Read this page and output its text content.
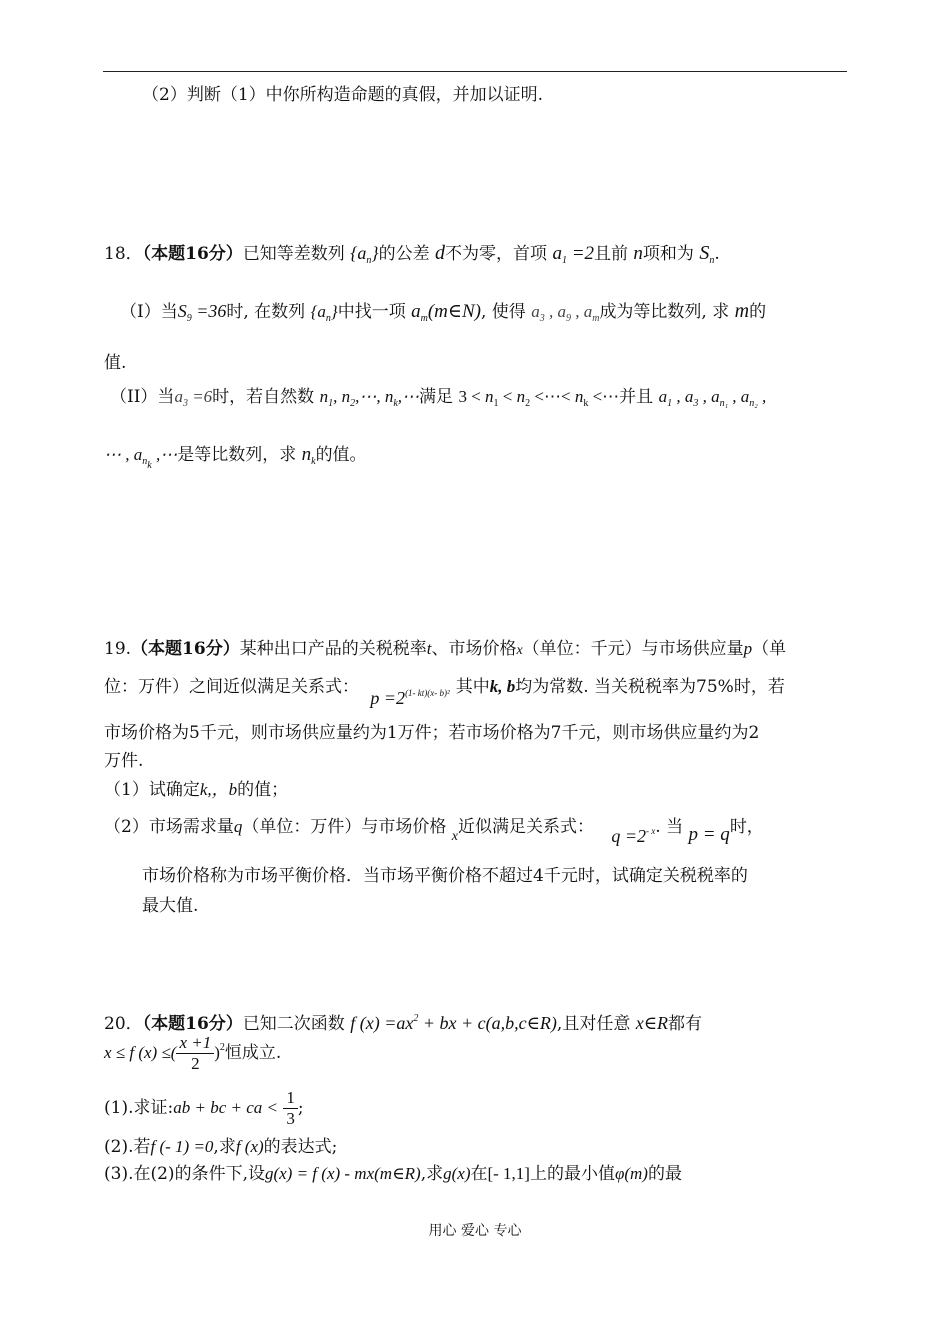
（2）判断（1）中你所构造命题的真假，并加以证明.
18．（本题16分）已知等差数列 $\{a_n\}$的公差 d不为零，首项 $a_1 =2$且前 n项和为 $S_n$.
（I）当$S_9 =36$时, 在数列 $\{a_n\}$中找一项 $a_m(m\in N)$, 使得 $a_3$ , $a_9$ , $a_m$成为等比数列, 求 m的
值.
（II）当$a_3 =6$时，若自然数 $n_1$, $n_2,\cdots$, $n_k,\cdots$满足 $3 < n_1 < n_2$ <⋯< $n_k$ <⋯并且 $a_1$ , $a_3$ , $a_{n_1}$ , $a_{n_2}$ ,
⋯ , $a_{n_k}$ ,⋯是等比数列，求 $n_k$的值。
19.（本题16分）某种出口产品的关税税率t、市场价格x（单位：千元）与市场供应量p（单
位：万件）之间近似满足关系式： $p =2^{(1- kt)(x- b)^2}$ 其中k, b均为常数. 当关税税率为75%时，若
市场价格为5千元，则市场供应量约为1万件；若市场价格为7千元，则市场供应量约为2
万件.
（1）试确定k,，b的值；
（2）市场需求量q（单位：万件）与市场价格 $_x$近似满足关系式： $q =2^{- x}$. 当 p = q时，
市场价格称为市场平衡价格．当市场平衡价格不超过4千元时，试确定关税税率的
最大值.
20．（本题16分）已知二次函数 f $(x) =ax^2$ + bx + c(a,b,c∈R),且对任意 x∈R都有
x ≤ f (x) ≤( $\frac{x +1}{2} )^2$恒成立.
(1).求证:ab + bc + ca < $\frac{1}{3}$ ;
(2).若f (- 1) =0,求f (x)的表达式;
(3).在(2)的条件下,设g(x) = f (x) - mx(m∈R),求g(x)在[- 1,1]上的最小值φ(m)的最
用心 爱心 专心
